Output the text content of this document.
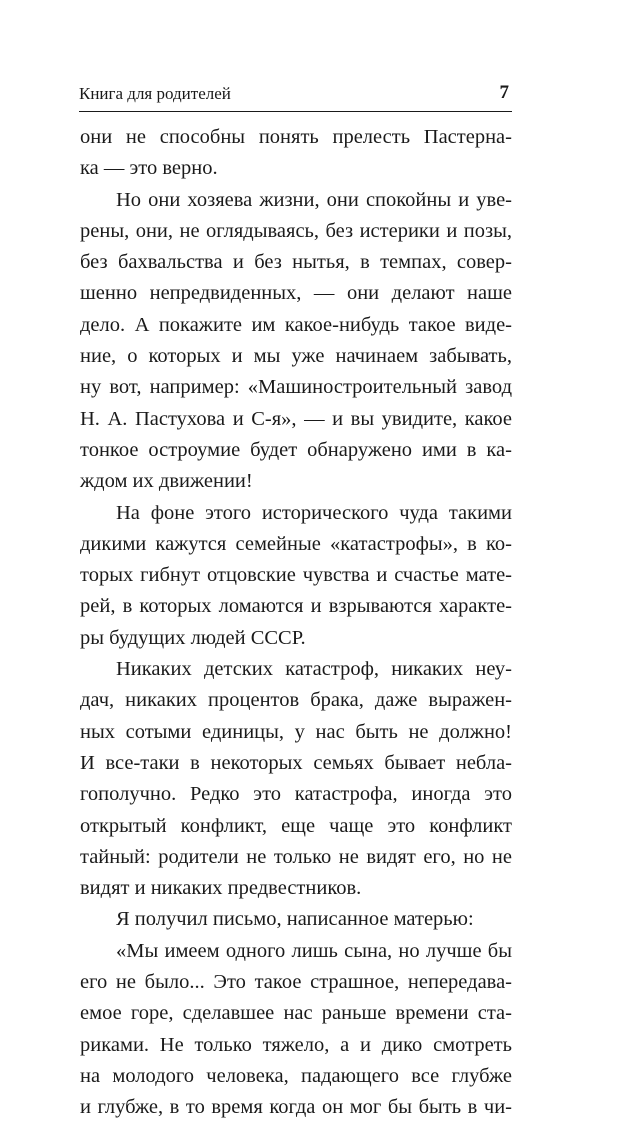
Книга для родителей	7
они не способны понять прелесть Пастерна-
ка — это верно.
Но они хозяева жизни, они спокойны и уве-
рены, они, не оглядываясь, без истерики и позы,
без бахвальства и без нытья, в темпах, совер-
шенно непредвиденных, — они делают наше
дело. А покажите им какое-нибудь такое виде-
ние, о которых и мы уже начинаем забывать,
ну вот, например: «Машиностроительный завод
Н. А. Пастухова и С-я», — и вы увидите, какое
тонкое остроумие будет обнаружено ими в ка-
ждом их движении!
На фоне этого исторического чуда такими
дикими кажутся семейные «катастрофы», в ко-
торых гибнут отцовские чувства и счастье мате-
рей, в которых ломаются и взрываются характе-
ры будущих людей СССР.
Никаких детских катастроф, никаких неу-
дач, никаких процентов брака, даже выражен-
ных сотыми единицы, у нас быть не должно!
И все-таки в некоторых семьях бывает небла-
гополучно. Редко это катастрофа, иногда это
открытый конфликт, еще чаще это конфликт
тайный: родители не только не видят его, но не
видят и никаких предвестников.
Я получил письмо, написанное матерью:
«Мы имеем одного лишь сына, но лучше бы
его не было... Это такое страшное, непередава-
емое горе, сделавшее нас раньше времени ста-
риками. Не только тяжело, а и дико смотреть
на молодого человека, падающего все глубже
и глубже, в то время когда он мог бы быть в чи-
